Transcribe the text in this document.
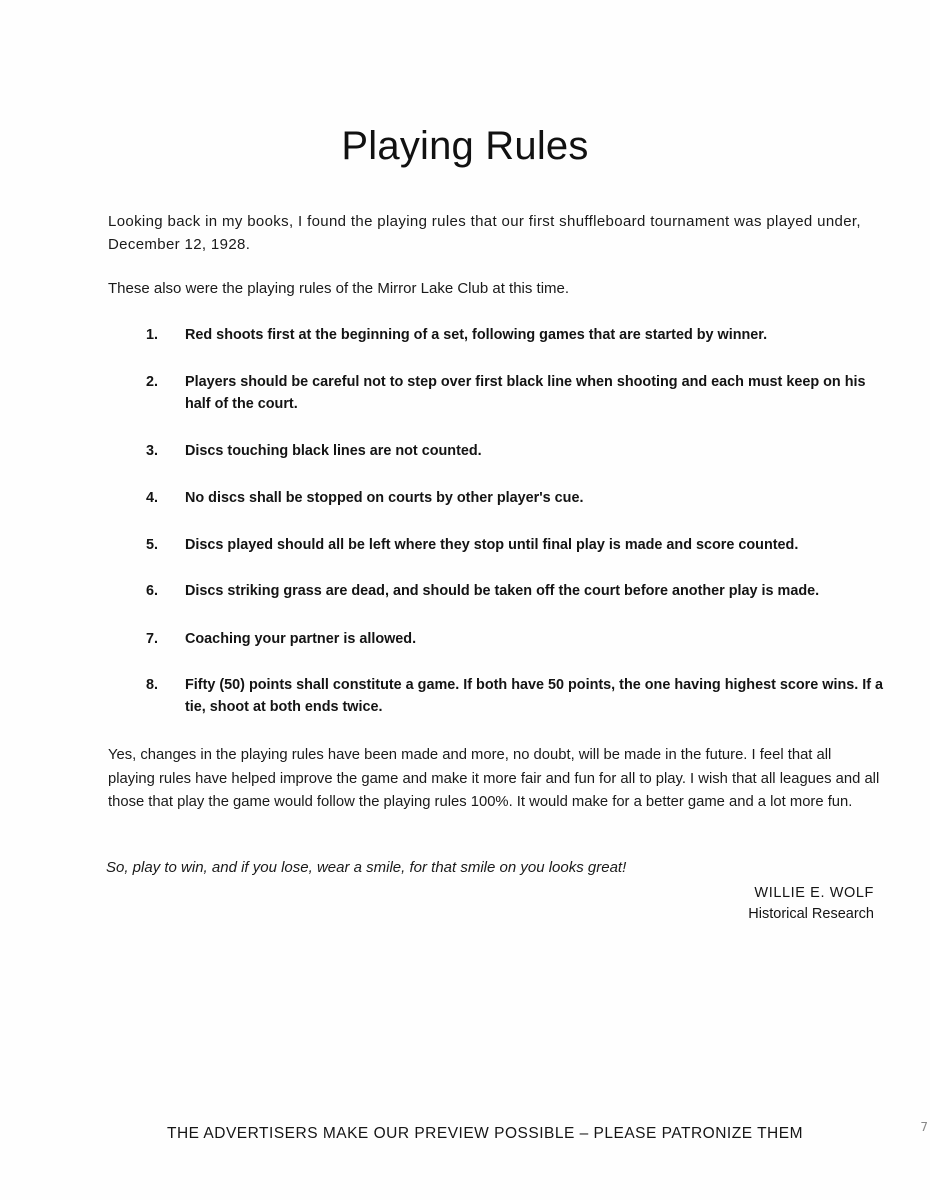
Playing Rules

Looking back in my books, I found the playing rules that our first shuffleboard tournament was played under, December 12, 1928.

These also were the playing rules of the Mirror Lake Club at this time.

1.	Red shoots first at the beginning of a set, following games that are started by winner.
2.	Players should be careful not to step over first black line when shooting and each must keep on his half of the court.
3.	Discs touching black lines are not counted.
4.	No discs shall be stopped on courts by other player's cue.
5.	Discs played should all be left where they stop until final play is made and score counted.
6.	Discs striking grass are dead, and should be taken off the court before another play is made.
7.	Coaching your partner is allowed.
8.	Fifty (50) points shall constitute a game. If both have 50 points, the one having highest score wins. If a tie, shoot at both ends twice.

Yes, changes in the playing rules have been made and more, no doubt, will be made in the future. I feel that all playing rules have helped improve the game and make it more fair and fun for all to play. I wish that all leagues and all those that play the game would follow the playing rules 100%. It would make for a better game and a lot more fun.

So, play to win, and if you lose, wear a smile, for that smile on you looks great!

WILLIE E. WOLF
Historical Research
THE ADVERTISERS MAKE OUR PREVIEW POSSIBLE – PLEASE PATRONIZE THEM	7
